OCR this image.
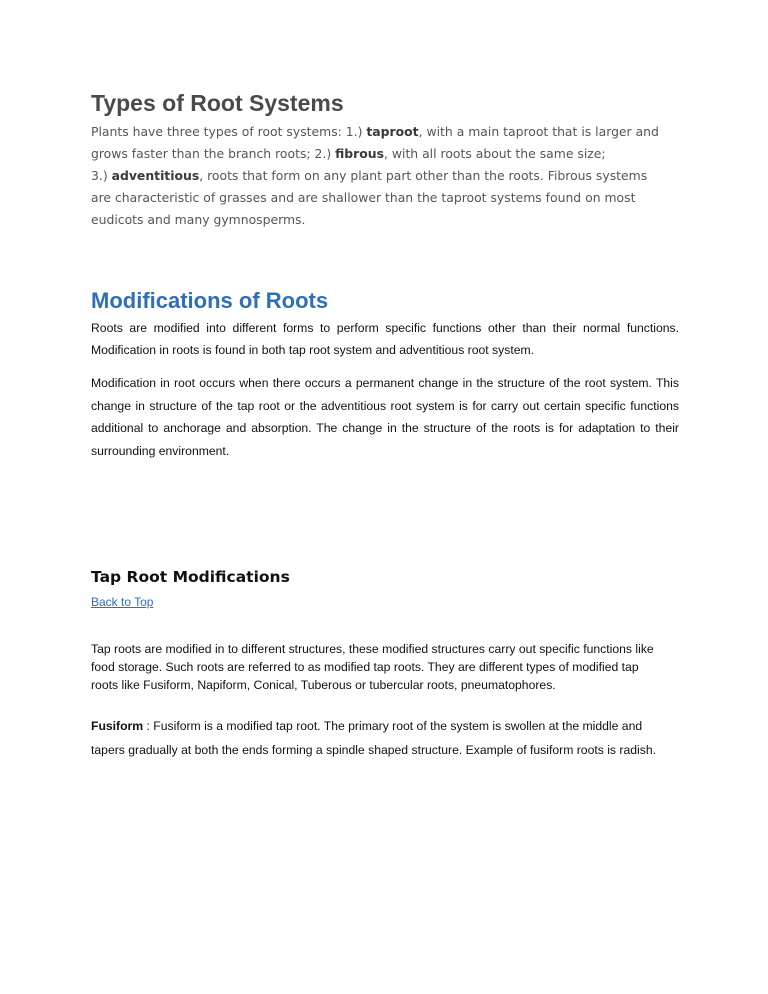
Types of Root Systems

Plants have three types of root systems: 1.) taproot, with a main taproot that is larger and
grows faster than the branch roots; 2.) fibrous, with all roots about the same size;
3.) adventitious, roots that form on any plant part other than the roots. Fibrous systems
are characteristic of grasses and are shallower than the taproot systems found on most
eudicots and many gymnosperms.

Modifications of Roots

Roots are modified into different forms to perform specific functions other than their normal functions. Modification in roots is found in both tap root system and adventitious root system.

Modification in root occurs when there occurs a permanent change in the structure of the root system. This change in structure of the tap root or the adventitious root system is for carry out certain specific functions additional to anchorage and absorption. The change in the structure of the roots is for adaptation to their surrounding environment.

Tap Root Modifications
Back to Top

Tap roots are modified in to different structures, these modified structures carry out specific functions like
food storage. Such roots are referred to as modified tap roots. They are different types of modified tap
roots like Fusiform, Napiform, Conical, Tuberous or tubercular roots, pneumatophores.

Fusiform : Fusiform is a modified tap root. The primary root of the system is swollen at the middle and
tapers gradually at both the ends forming a spindle shaped structure. Example of fusiform roots is radish.
